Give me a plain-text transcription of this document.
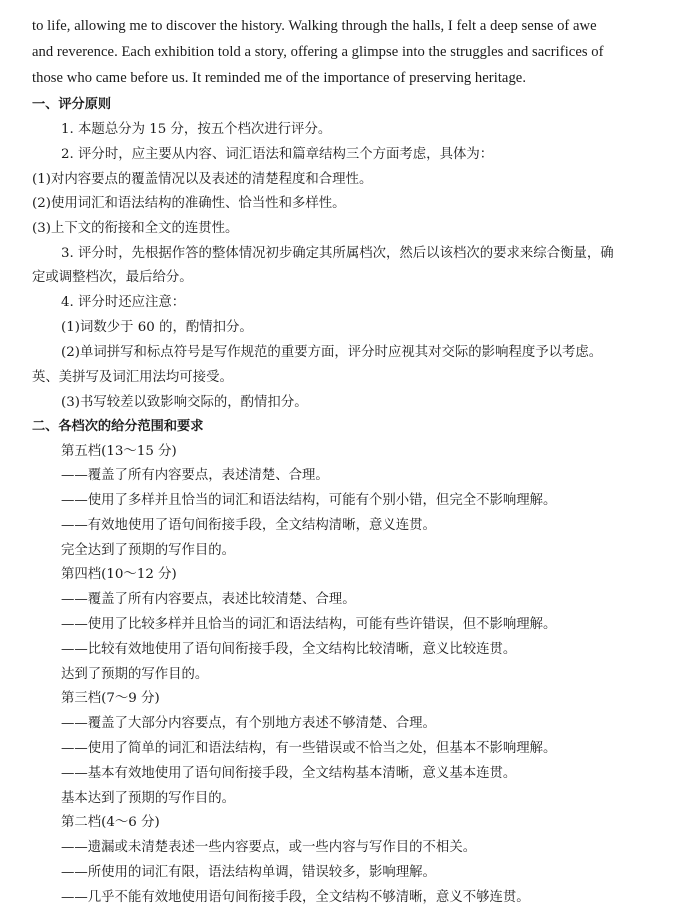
to life, allowing me to discover the history. Walking through the halls, I felt a deep sense of awe
and reverence. Each exhibition told a story, offering a glimpse into the struggles and sacrifices of
those who came before us. It reminded me of the importance of preserving heritage.
一、评分原则
1. 本题总分为 15 分，按五个档次进行评分。
2. 评分时，应主要从内容、词汇语法和篇章结构三个方面考虑，具体为：
(1)对内容要点的覆盖情况以及表述的清楚程度和合理性。
(2)使用词汇和语法结构的准确性、恰当性和多样性。
(3)上下文的衔接和全文的连贯性。
3. 评分时，先根据作答的整体情况初步确定其所属档次，然后以该档次的要求来综合衡量，确
定或调整档次，最后给分。
4. 评分时还应注意：
(1)词数少于 60 的，酌情扣分。
(2)单词拼写和标点符号是写作规范的重要方面，评分时应视其对交际的影响程度予以考虑。
英、美拼写及词汇用法均可接受。
(3)书写较差以致影响交际的，酌情扣分。
二、各档次的给分范围和要求
第五档(13～15 分)
——覆盖了所有内容要点，表述清楚、合理。
——使用了多样并且恰当的词汇和语法结构，可能有个别小错，但完全不影响理解。
——有效地使用了语句间衔接手段，全文结构清晰，意义连贯。
完全达到了预期的写作目的。
第四档(10～12 分)
——覆盖了所有内容要点，表述比较清楚、合理。
——使用了比较多样并且恰当的词汇和语法结构，可能有些许错误，但不影响理解。
——比较有效地使用了语句间衔接手段，全文结构比较清晰，意义比较连贯。
达到了预期的写作目的。
第三档(7～9 分)
——覆盖了大部分内容要点，有个别地方表述不够清楚、合理。
——使用了简单的词汇和语法结构，有一些错误或不恰当之处，但基本不影响理解。
——基本有效地使用了语句间衔接手段，全文结构基本清晰，意义基本连贯。
基本达到了预期的写作目的。
第二档(4～6 分)
——遗漏或未清楚表述一些内容要点，或一些内容与写作目的不相关。
——所使用的词汇有限，语法结构单调，错误较多，影响理解。
——几乎不能有效地使用语句间衔接手段，全文结构不够清晰，意义不够连贯。
